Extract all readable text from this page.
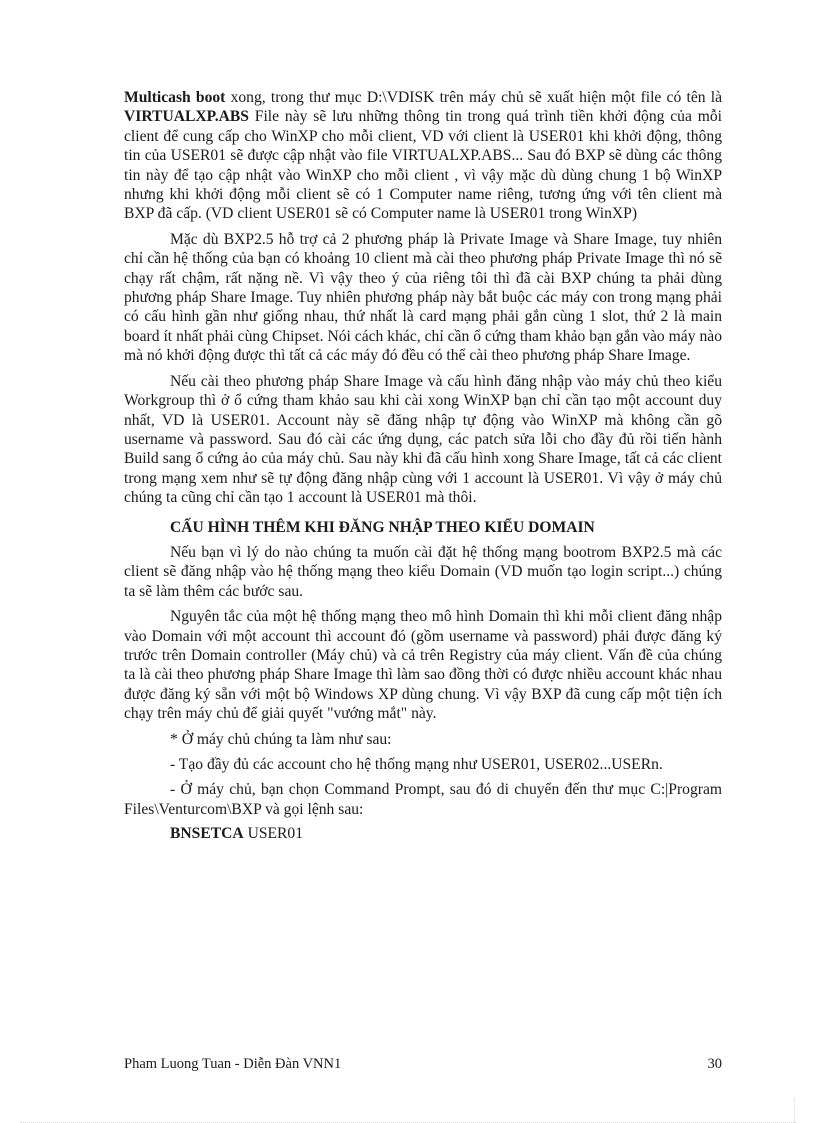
Multicash boot xong, trong thư mục D:\VDISK trên máy chủ sẽ xuất hiện một file có tên là VIRTUALXP.ABS File này sẽ lưu những thông tin trong quá trình tiền khởi động của mỗi client để cung cấp cho WinXP cho mỗi client, VD với client là USER01 khi khởi động, thông tin của USER01 sẽ được cập nhật vào file VIRTUALXP.ABS... Sau đó BXP sẽ dùng các thông tin này để tạo cập nhật vào WinXP cho mỗi client , vì vậy mặc dù dùng chung 1 bộ WinXP nhưng khi khởi động mỗi client sẽ có 1 Computer name riêng, tương ứng với tên client mà BXP đã cấp. (VD client USER01 sẽ có Computer name là USER01 trong WinXP)

Mặc dù BXP2.5 hỗ trợ cả 2 phương pháp là Private Image và Share Image, tuy nhiên chỉ cần hệ thống của bạn có khoảng 10 client mà cài theo phương pháp Private Image thì nó sẽ chạy rất chậm, rất nặng nề. Vì vậy theo ý của riêng tôi thì đã cài BXP chúng ta phải dùng phương pháp Share Image. Tuy nhiên phương pháp này bắt buộc các máy con trong mạng phải có cấu hình gần như giống nhau, thứ nhất là card mạng phải gắn cùng 1 slot, thứ 2 là main board ít nhất phải cùng Chipset. Nói cách khác, chỉ cần ổ cứng tham khảo bạn gắn vào máy nào mà nó khởi động được thì tất cả các máy đó đều có thể cài theo phương pháp Share Image.

Nếu cài theo phương pháp Share Image và cấu hình đăng nhập vào máy chủ theo kiểu Workgroup thì ở ổ cứng tham khảo sau khi cài xong WinXP bạn chỉ cần tạo một account duy nhất, VD là USER01. Account này sẽ đăng nhập tự động vào WinXP mà không cần gõ username và password. Sau đó cài các ứng dụng, các patch sửa lỗi cho đầy đủ rồi tiến hành Build sang ổ cứng ảo của máy chủ. Sau này khi đã cấu hình xong Share Image, tất cả các client trong mạng xem như sẽ tự động đăng nhập cùng với 1 account là USER01. Vì vậy ở máy chủ chúng ta cũng chỉ cần tạo 1 account là USER01 mà thôi.

CẤU HÌNH THÊM KHI ĐĂNG NHẬP THEO KIỂU DOMAIN

Nếu bạn vì lý do nào chúng ta muốn cài đặt hệ thống mạng bootrom BXP2.5 mà các client sẽ đăng nhập vào hệ thống mạng theo kiểu Domain (VD muốn tạo login script...) chúng ta sẽ làm thêm các bước sau.

Nguyên tắc của một hệ thống mạng theo mô hình Domain thì khi mỗi client đăng nhập vào Domain với một account thì account đó (gồm username và password) phải được đăng ký trước trên Domain controller (Máy chủ) và cả trên Registry của máy client. Vấn đề của chúng ta là cài theo phương pháp Share Image thì làm sao đồng thời có được nhiều account khác nhau được đăng ký sẵn với một bộ Windows XP dùng chung. Vì vậy BXP đã cung cấp một tiện ích chạy trên máy chủ để giải quyết "vướng mắt" này.

* Ở máy chủ chúng ta làm như sau:

- Tạo đầy đủ các account cho hệ thống mạng như USER01, USER02...USERn.

- Ở máy chủ, bạn chọn Command Prompt, sau đó di chuyển đến thư mục C:|Program Files\Venturcom\BXP và gọi lệnh sau:

BNSETCA USER01
Pham Luong Tuan - Diễn Đàn VNN1	30
